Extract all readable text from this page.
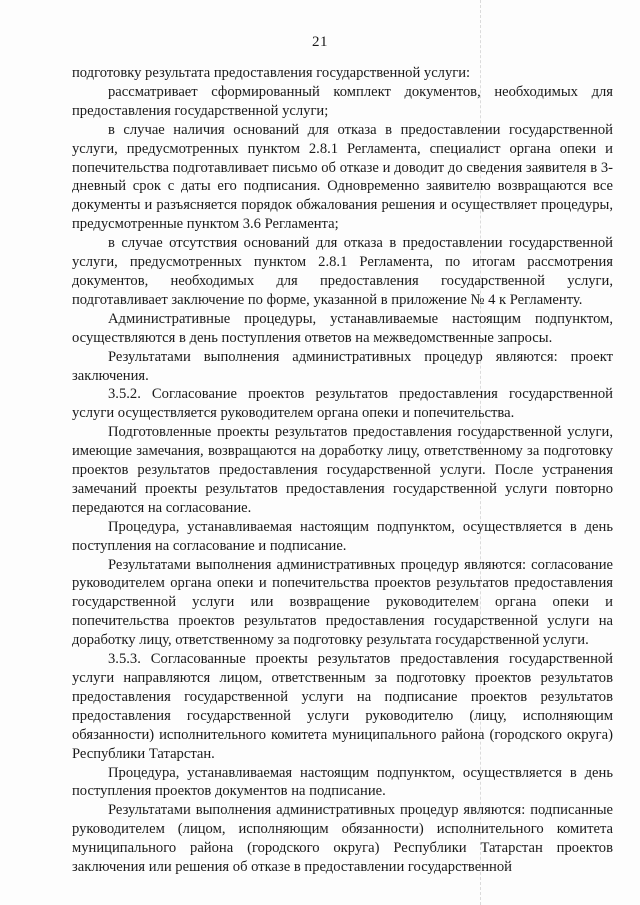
21

подготовку результата предоставления государственной услуги:

рассматривает сформированный комплект документов, необходимых для предоставления государственной услуги;

в случае наличия оснований для отказа в предоставлении государственной услуги, предусмотренных пунктом 2.8.1 Регламента, специалист органа опеки и попечительства подготавливает письмо об отказе и доводит до сведения заявителя в 3-дневный срок с даты его подписания. Одновременно заявителю возвращаются все документы и разъясняется порядок обжалования решения и осуществляет процедуры, предусмотренные пунктом 3.6 Регламента;

в случае отсутствия оснований для отказа в предоставлении государственной услуги, предусмотренных пунктом 2.8.1 Регламента, по итогам рассмотрения документов, необходимых для предоставления государственной услуги, подготавливает заключение по форме, указанной в приложение № 4 к Регламенту.

Административные процедуры, устанавливаемые настоящим подпунктом, осуществляются в день поступления ответов на межведомственные запросы.

Результатами выполнения административных процедур являются: проект заключения.

3.5.2. Согласование проектов результатов предоставления государственной услуги осуществляется руководителем органа опеки и попечительства.

Подготовленные проекты результатов предоставления государственной услуги, имеющие замечания, возвращаются на доработку лицу, ответственному за подготовку проектов результатов предоставления государственной услуги. После устранения замечаний проекты результатов предоставления государственной услуги повторно передаются на согласование.

Процедура, устанавливаемая настоящим подпунктом, осуществляется в день поступления на согласование и подписание.

Результатами выполнения административных процедур являются: согласование руководителем органа опеки и попечительства проектов результатов предоставления государственной услуги или возвращение руководителем органа опеки и попечительства проектов результатов предоставления государственной услуги на доработку лицу, ответственному за подготовку результата государственной услуги.

3.5.3. Согласованные проекты результатов предоставления государственной услуги направляются лицом, ответственным за подготовку проектов результатов предоставления государственной услуги на подписание проектов результатов предоставления государственной услуги руководителю (лицу, исполняющим обязанности) исполнительного комитета муниципального района (городского округа) Республики Татарстан.

Процедура, устанавливаемая настоящим подпунктом, осуществляется в день поступления проектов документов на подписание.

Результатами выполнения административных процедур являются: подписанные руководителем (лицом, исполняющим обязанности) исполнительного комитета муниципального района (городского округа) Республики Татарстан проектов заключения или решения об отказе в предоставлении государственной
